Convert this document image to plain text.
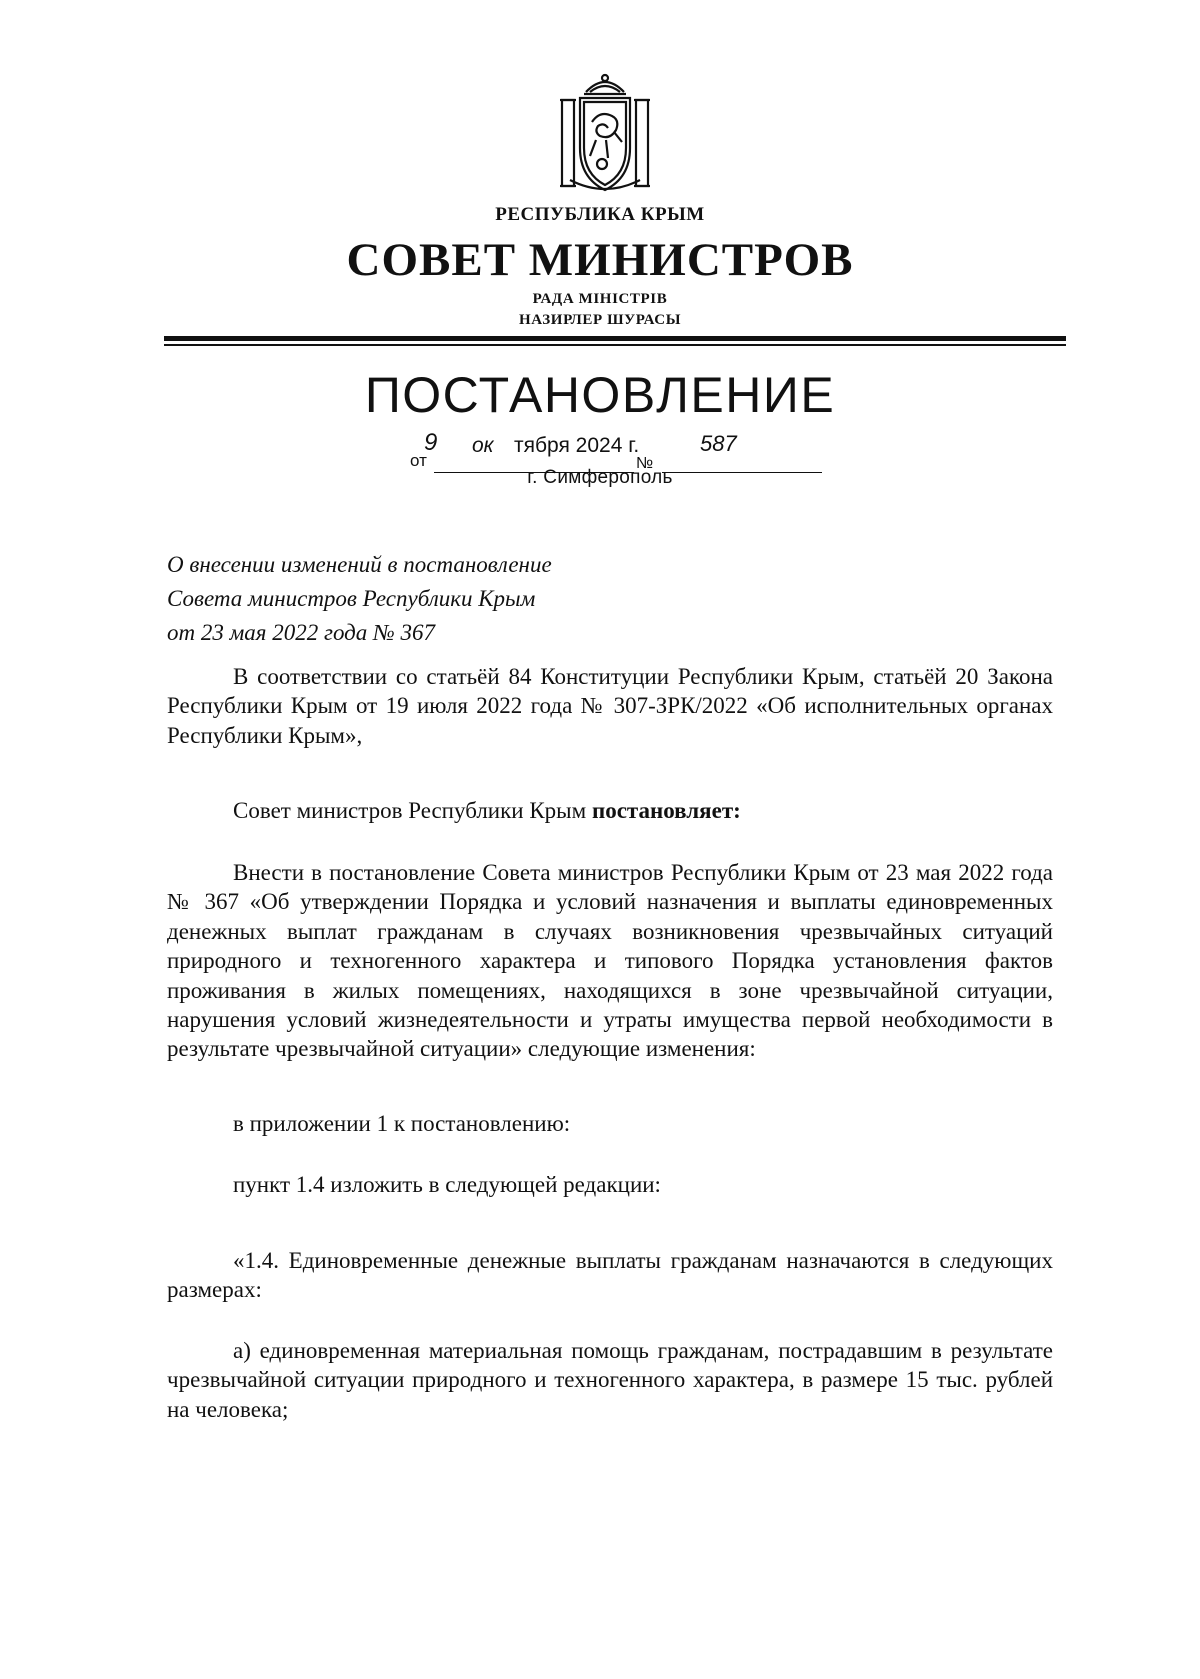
РЕСПУБЛИКА КРЫМ
СОВЕТ МИНИСТРОВ
РАДА МІНІСТРІВ
НАЗИРЛЕР ШУРАСЫ
ПОСТАНОВЛЕНИЕ
от
9 ок тября 2024 г.
№
587
г. Симферополь
О внесении изменений в постановление
Совета министров Республики Крым
от 23 мая 2022 года № 367
В соответствии со статьёй 84 Конституции Республики Крым, статьёй 20 Закона Республики Крым от 19 июля 2022 года № 307-ЗРК/2022 «Об исполнительных органах Республики Крым»,
Совет министров Республики Крым постановляет:
Внести в постановление Совета министров Республики Крым от 23 мая 2022 года № 367 «Об утверждении Порядка и условий назначения и выплаты единовременных денежных выплат гражданам в случаях возникновения чрезвычайных ситуаций природного и техногенного характера и типового Порядка установления фактов проживания в жилых помещениях, находящихся в зоне чрезвычайной ситуации, нарушения условий жизнедеятельности и утраты имущества первой необходимости в результате чрезвычайной ситуации» следующие изменения:
в приложении 1 к постановлению:
пункт 1.4 изложить в следующей редакции:
«1.4. Единовременные денежные выплаты гражданам назначаются в следующих размерах:
а) единовременная материальная помощь гражданам, пострадавшим в результате чрезвычайной ситуации природного и техногенного характера, в размере 15 тыс. рублей на человека;
